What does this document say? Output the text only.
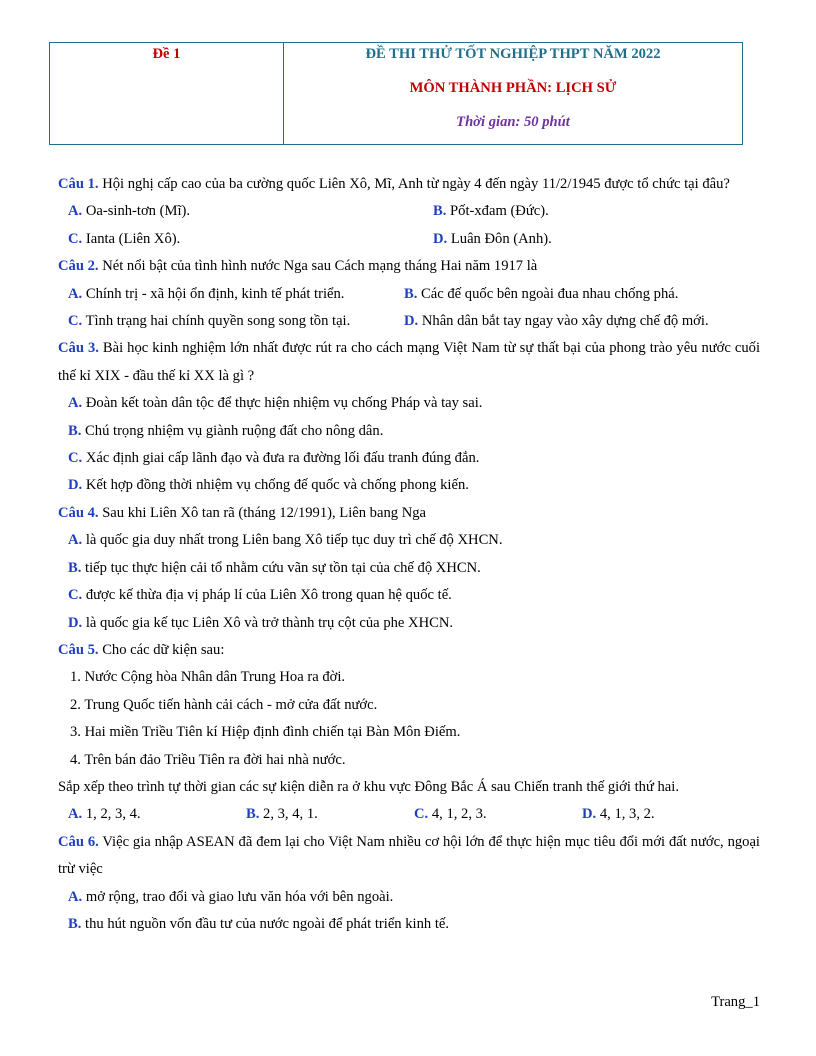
Đề 1	ĐỀ THI THỬ TỐT NGHIỆP THPT NĂM 2022
MÔN THÀNH PHẦN: LỊCH SỬ
Thời gian: 50 phút
Câu 1. Hội nghị cấp cao của ba cường quốc Liên Xô, Mĩ, Anh từ ngày 4 đến ngày 11/2/1945 được tổ chức tại đâu?
A. Oa-sinh-tơn (Mĩ).	B. Pốt-xđam (Đức).
C. Ianta (Liên Xô).	D. Luân Đôn (Anh).
Câu 2. Nét nổi bật của tình hình nước Nga sau Cách mạng tháng Hai năm 1917 là
A. Chính trị - xã hội ổn định, kinh tế phát triển.	B. Các đế quốc bên ngoài đua nhau chống phá.
C. Tình trạng hai chính quyền song song tồn tại.	D. Nhân dân bắt tay ngay vào xây dựng chế độ mới.
Câu 3. Bài học kinh nghiệm lớn nhất được rút ra cho cách mạng Việt Nam từ sự thất bại của phong trào yêu nước cuối thế kỉ XIX - đầu thế kỉ XX là gì ?
A. Đoàn kết toàn dân tộc để thực hiện nhiệm vụ chống Pháp và tay sai.
B. Chú trọng nhiệm vụ giành ruộng đất cho nông dân.
C. Xác định giai cấp lãnh đạo và đưa ra đường lối đấu tranh đúng đắn.
D. Kết hợp đồng thời nhiệm vụ chống đế quốc và chống phong kiến.
Câu 4. Sau khi Liên Xô tan rã (tháng 12/1991), Liên bang Nga
A. là quốc gia duy nhất trong Liên bang Xô tiếp tục duy trì chế độ XHCN.
B. tiếp tục thực hiện cải tổ nhằm cứu vãn sự tồn tại của chế độ XHCN.
C. được kế thừa địa vị pháp lí của Liên Xô trong quan hệ quốc tế.
D. là quốc gia kế tục Liên Xô và trở thành trụ cột của phe XHCN.
Câu 5. Cho các dữ kiện sau:
1. Nước Cộng hòa Nhân dân Trung Hoa ra đời.
2. Trung Quốc tiến hành cải cách - mở cửa đất nước.
3. Hai miền Triều Tiên kí Hiệp định đình chiến tại Bàn Môn Điếm.
4. Trên bán đảo Triều Tiên ra đời hai nhà nước.
Sắp xếp theo trình tự thời gian các sự kiện diễn ra ở khu vực Đông Bắc Á sau Chiến tranh thế giới thứ hai.
A. 1, 2, 3, 4.	B. 2, 3, 4, 1.	C. 4, 1, 2, 3.	D. 4, 1, 3, 2.
Câu 6. Việc gia nhập ASEAN đã đem lại cho Việt Nam nhiều cơ hội lớn để thực hiện mục tiêu đổi mới đất nước, ngoại trừ việc
A. mở rộng, trao đổi và giao lưu văn hóa với bên ngoài.
B. thu hút nguồn vốn đầu tư của nước ngoài để phát triển kinh tế.
Trang_1
